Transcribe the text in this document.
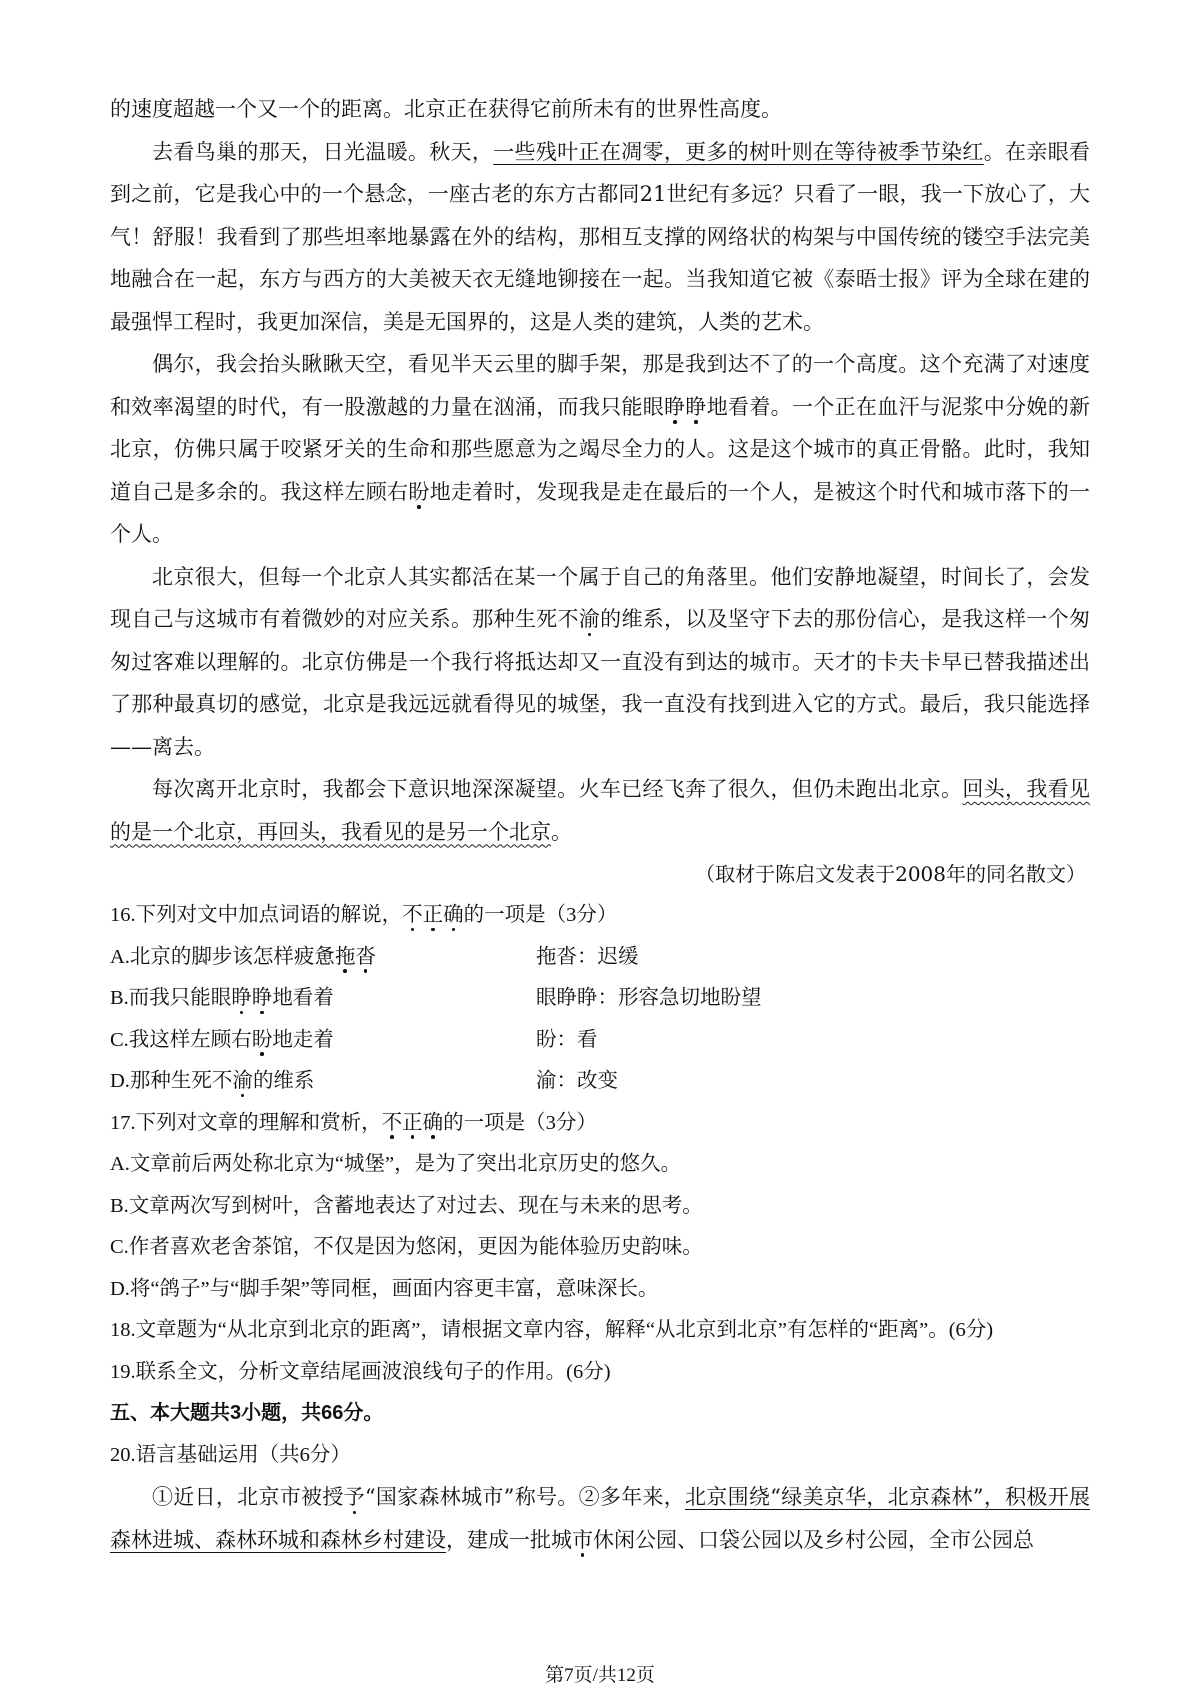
的速度超越一个又一个的距离。北京正在获得它前所未有的世界性高度。

去看鸟巢的那天，日光温暖。秋天，一些残叶正在凋零，更多的树叶则在等待被季节染红。在亲眼看到之前，它是我心中的一个悬念，一座古老的东方古都同21世纪有多远？只看了一眼，我一下放心了，大气！舒服！我看到了那些坦率地暴露在外的结构，那相互支撑的网络状的构架与中国传统的镂空手法完美地融合在一起，东方与西方的大美被天衣无缝地铆接在一起。当我知道它被《泰晤士报》评为全球在建的最强悍工程时，我更加深信，美是无国界的，这是人类的建筑，人类的艺术。

偶尔，我会抬头瞅瞅天空，看见半天云里的脚手架，那是我到达不了的一个高度。这个充满了对速度和效率渴望的时代，有一股激越的力量在汹涌，而我只能眼睁睁地看着。一个正在血汗与泥浆中分娩的新北京，仿佛只属于咬紧牙关的生命和那些愿意为之竭尽全力的人。这是这个城市的真正骨骼。此时，我知道自己是多余的。我这样左顾右盼地走着时，发现我是走在最后的一个人，是被这个时代和城市落下的一个人。

北京很大，但每一个北京人其实都活在某一个属于自己的角落里。他们安静地凝望，时间长了，会发现自己与这城市有着微妙的对应关系。那种生死不渝的维系，以及坚守下去的那份信心，是我这样一个匆匆过客难以理解的。北京仿佛是一个我行将抵达却又一直没有到达的城市。天才的卡夫卡早已替我描述出了那种最真切的感觉，北京是我远远就看得见的城堡，我一直没有找到进入它的方式。最后，我只能选择——离去。

每次离开北京时，我都会下意识地深深凝望。火车已经飞奔了很久，但仍未跑出北京。回头，我看见的是一个北京，再回头，我看见的是另一个北京。

（取材于陈启文发表于2008年的同名散文）

16.下列对文中加点词语的解说，不正确的一项是（3分）

A.北京的脚步该怎样疲惫拖沓	拖沓：迟缓
B.而我只能眼睁睁地看着	眼睁睁：形容急切地盼望
C.我这样左顾右盼地走着	盼：看
D.那种生死不渝的维系	渝：改变

17.下列对文章的理解和赏析，不正确的一项是（3分）

A.文章前后两处称北京为“城堡”，是为了突出北京历史的悠久。

B.文章两次写到树叶，含蓄地表达了对过去、现在与未来的思考。

C.作者喜欢老舍茶馆，不仅是因为悠闲，更因为能体验历史韵味。

D.将“鸽子”与“脚手架”等同框，画面内容更丰富，意味深长。

18.文章题为“从北京到北京的距离”，请根据文章内容，解释“从北京到北京”有怎样的“距离”。(6分)

19.联系全文，分析文章结尾画波浪线句子的作用。(6分)

五、本大题共3小题，共66分。

20.语言基础运用（共6分）

①近日，北京市被授予“国家森林城市”称号。②多年来，北京围绕“绿美京华，北京森林”，积极开展森林进城、森林环城和森林乡村建设，建成一批城市休闲公园、口袋公园以及乡村公园，全市公园总

第7页/共12页
